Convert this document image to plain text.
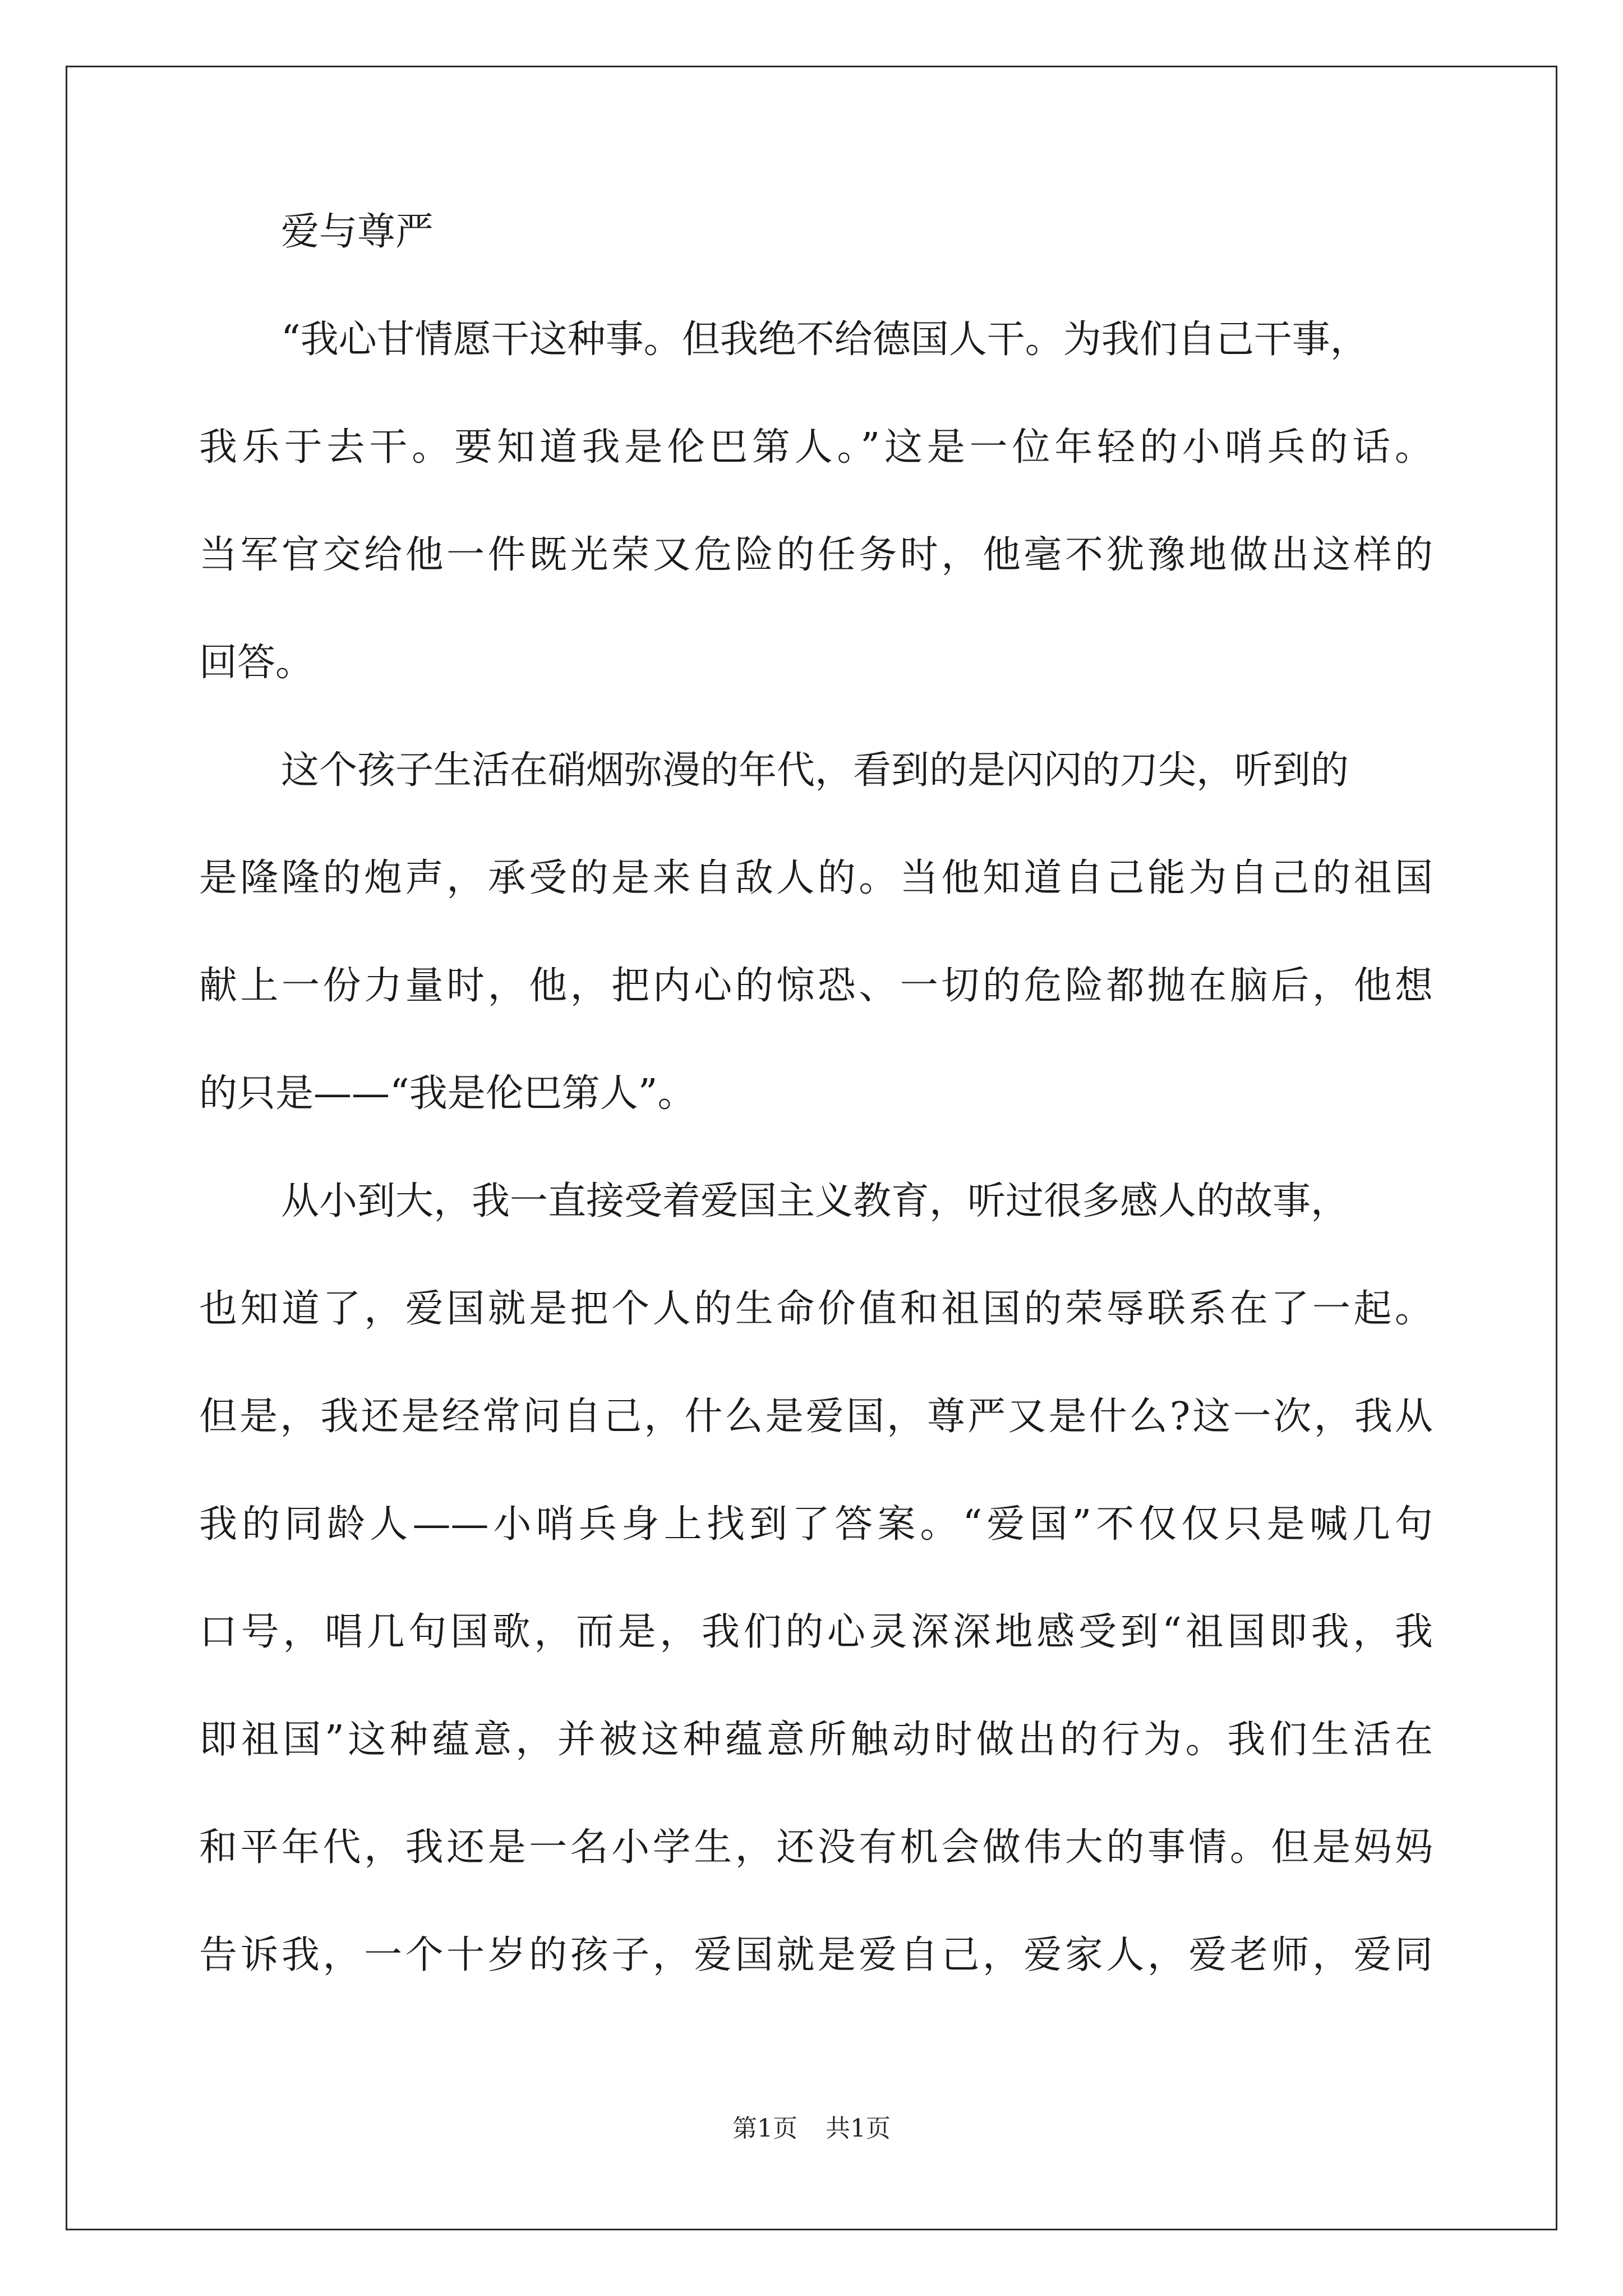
爱与尊严
“我心甘情愿干这种事。但我绝不给德国人干。为我们自己干事，
我乐于去干。要知道我是伦巴第人。”这是一位年轻的小哨兵的话。
当军官交给他一件既光荣又危险的任务时，他毫不犹豫地做出这样的
回答。
这个孩子生活在硝烟弥漫的年代，看到的是闪闪的刀尖，听到的
是隆隆的炮声，承受的是来自敌人的。当他知道自己能为自己的祖国
献上一份力量时，他，把内心的惊恐、一切的危险都抛在脑后，他想
的只是——“我是伦巴第人”。
从小到大，我一直接受着爱国主义教育，听过很多感人的故事，
也知道了，爱国就是把个人的生命价值和祖国的荣辱联系在了一起。
但是，我还是经常问自己，什么是爱国，尊严又是什么?这一次，我从
我的同龄人——小哨兵身上找到了答案。“爱国”不仅仅只是喊几句
口号，唱几句国歌，而是，我们的心灵深深地感受到“祖国即我，我
即祖国”这种蕴意，并被这种蕴意所触动时做出的行为。我们生活在
和平年代，我还是一名小学生，还没有机会做伟大的事情。但是妈妈
告诉我，一个十岁的孩子，爱国就是爱自己，爱家人，爱老师，爱同
第1页 共1页
